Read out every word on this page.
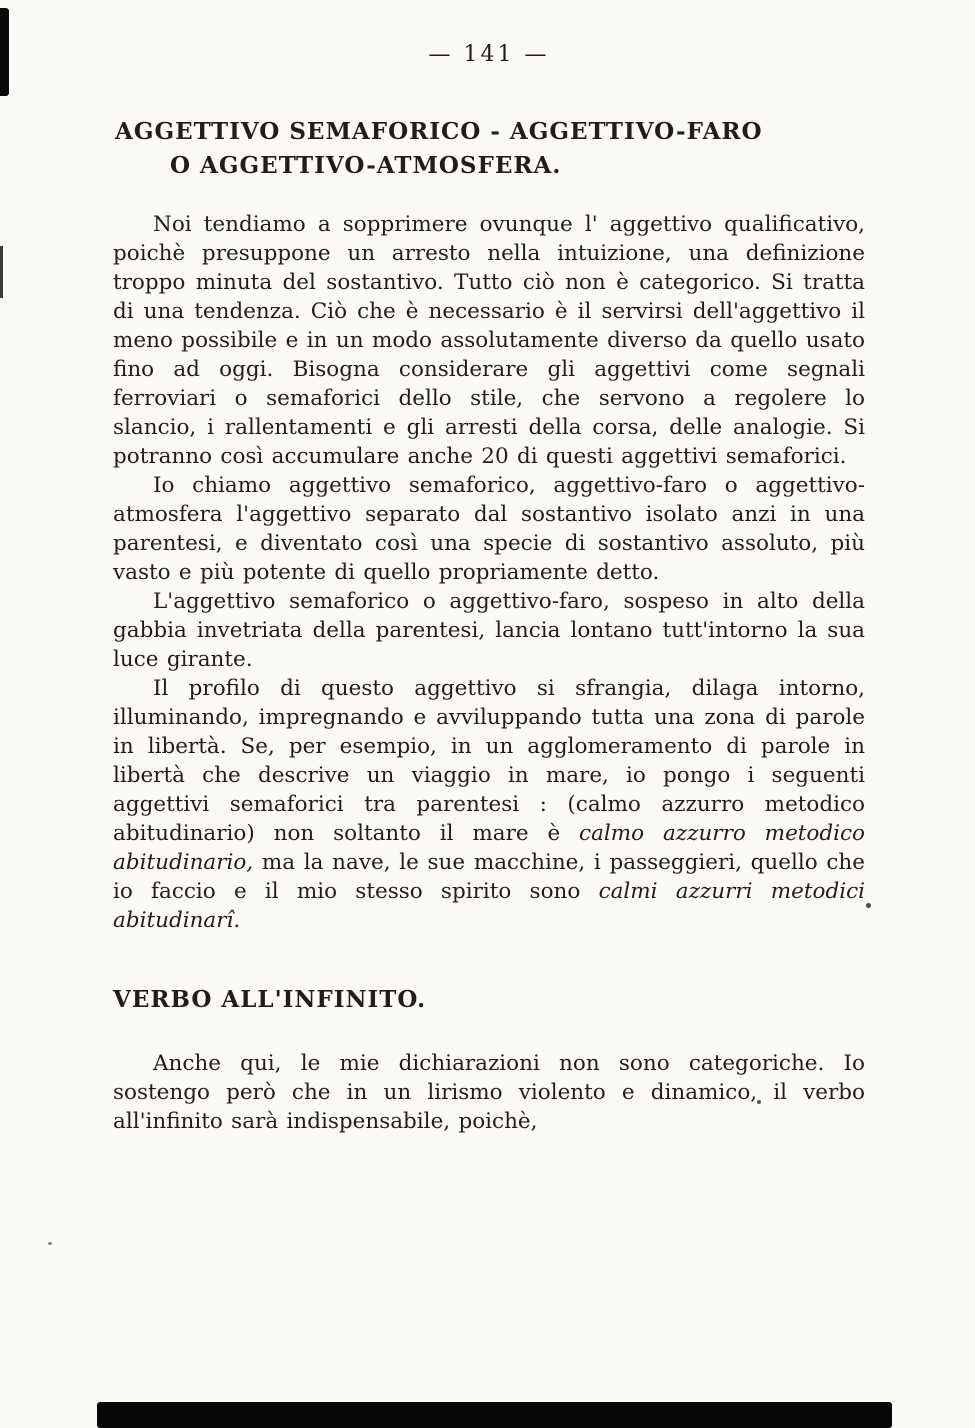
— 141 —
AGGETTIVO SEMAFORICO - AGGETTIVO-FARO
O AGGETTIVO-ATMOSFERA.

Noi tendiamo a sopprimere ovunque l' aggettivo qualificativo, poichè presuppone un arresto nella intuizione, una definizione troppo minuta del sostantivo. Tutto ciò non è categorico. Si tratta di una tendenza. Ciò che è necessario è il servirsi dell'aggettivo il meno possibile e in un modo assolutamente diverso da quello usato fino ad oggi. Bisogna considerare gli aggettivi come segnali ferroviari o semaforici dello stile, che servono a regolere lo slancio, i rallentamenti e gli arresti della corsa, delle analogie. Si potranno così accumulare anche 20 di questi aggettivi semaforici.

Io chiamo aggettivo semaforico, aggettivo-faro o aggettivo-atmosfera l'aggettivo separato dal sostantivo isolato anzi in una parentesi, e diventato così una specie di sostantivo assoluto, più vasto e più potente di quello propriamente detto.

L'aggettivo semaforico o aggettivo-faro, sospeso in alto della gabbia invetriata della parentesi, lancia lontano tutt'intorno la sua luce girante.

Il profilo di questo aggettivo si sfrangia, dilaga intorno, illuminando, impregnando e avviluppando tutta una zona di parole in libertà. Se, per esempio, in un agglomeramento di parole in libertà che descrive un viaggio in mare, io pongo i seguenti aggettivi semaforici tra parentesi : (calmo azzurro metodico abitudinario) non soltanto il mare è calmo azzurro metodico abitudinario, ma la nave, le sue macchine, i passeggieri, quello che io faccio e il mio stesso spirito sono calmi azzurri metodici abitudinarî.

VERBO ALL'INFINITO.

Anche qui, le mie dichiarazioni non sono categoriche. Io sostengo però che in un lirismo violento e dinamico, il verbo all'infinito sarà indispensabile, poichè,
